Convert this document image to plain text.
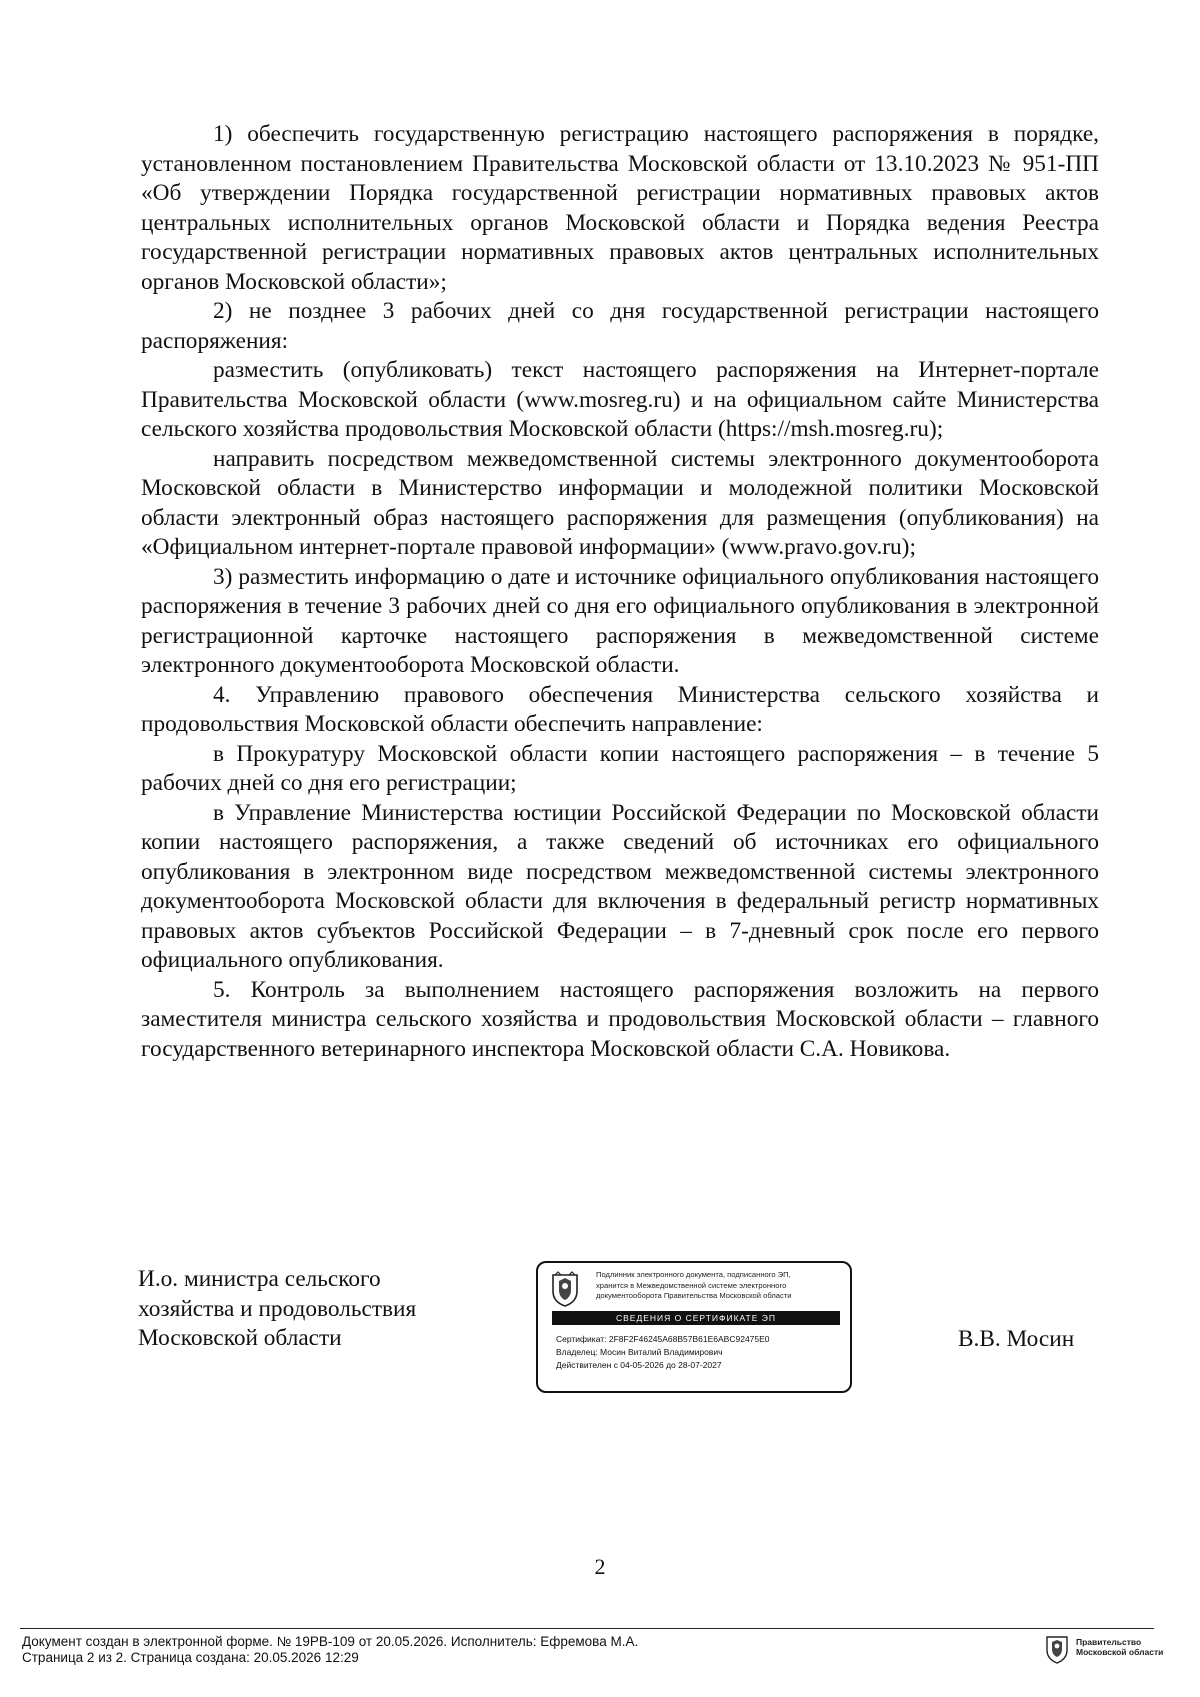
1) обеспечить государственную регистрацию настоящего распоряжения в порядке, установленном постановлением Правительства Московской области от 13.10.2023 № 951-ПП «Об утверждении Порядка государственной регистрации нормативных правовых актов центральных исполнительных органов Московской области и Порядка ведения Реестра государственной регистрации нормативных правовых актов центральных исполнительных органов Московской области»;

2) не позднее 3 рабочих дней со дня государственной регистрации настоящего распоряжения:

разместить (опубликовать) текст настоящего распоряжения на Интернет-портале Правительства Московской области (www.mosreg.ru) и на официальном сайте Министерства сельского хозяйства продовольствия Московской области (https://msh.mosreg.ru);

направить посредством межведомственной системы электронного документооборота Московской области в Министерство информации и молодежной политики Московской области электронный образ настоящего распоряжения для размещения (опубликования) на «Официальном интернет-портале правовой информации» (www.pravo.gov.ru);

3) разместить информацию о дате и источнике официального опубликования настоящего распоряжения в течение 3 рабочих дней со дня его официального опубликования в электронной регистрационной карточке настоящего распоряжения в межведомственной системе электронного документооборота Московской области.

4. Управлению правового обеспечения Министерства сельского хозяйства и продовольствия Московской области обеспечить направление:

в Прокуратуру Московской области копии настоящего распоряжения – в течение 5 рабочих дней со дня его регистрации;

в Управление Министерства юстиции Российской Федерации по Московской области копии настоящего распоряжения, а также сведений об источниках его официального опубликования в электронном виде посредством межведомственной системы электронного документооборота Московской области для включения в федеральный регистр нормативных правовых актов субъектов Российской Федерации – в 7-дневный срок после его первого официального опубликования.

5. Контроль за выполнением настоящего распоряжения возложить на первого заместителя министра сельского хозяйства и продовольствия Московской области – главного государственного ветеринарного инспектора Московской области С.А. Новикова.

И.о. министра сельского
хозяйства и продовольствия
Московской области
Подлинник электронного документа, подписанного ЭП,
хранится в Межведомственной системе электронного
документооборота Правительства Московской области
СВЕДЕНИЯ О СЕРТИФИКАТЕ ЭП
Сертификат: 2F8F2F46245A68B57B61E6ABC92475E0
Владелец: Мосин Виталий Владимирович
Действителен с 04-05-2026 до 28-07-2027
В.В. Мосин
2
Документ создан в электронной форме. № 19РВ-109 от 20.05.2026. Исполнитель: Ефремова М.А.
Страница 2 из 2. Страница создана: 20.05.2026 12:29
Правительство
Московской области
